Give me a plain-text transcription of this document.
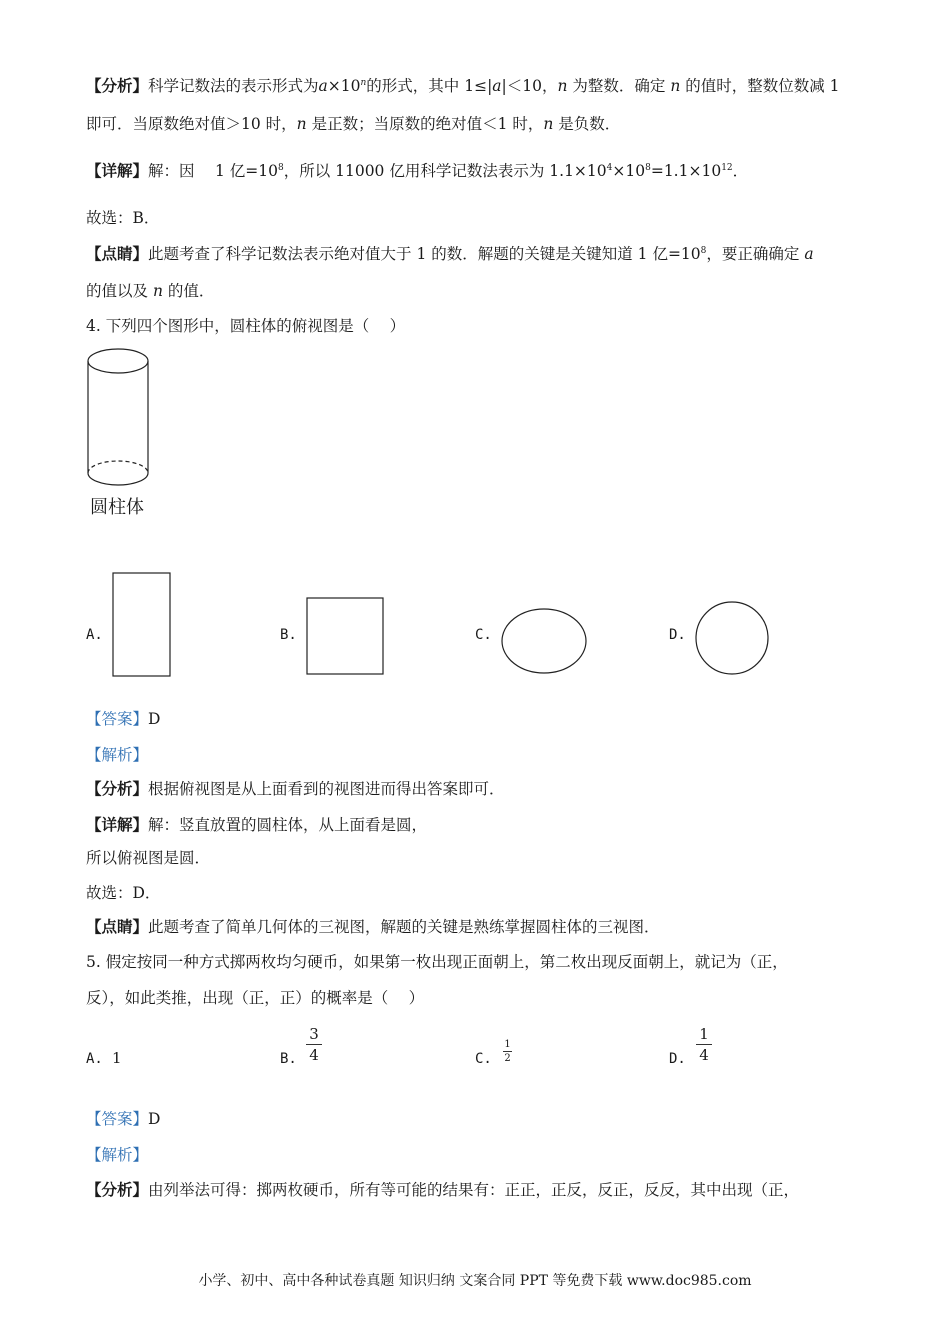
【分析】科学记数法的表示形式为$a\times 10^n$的形式，其中 1≤|a|＜10，n 为整数．确定 n 的值时，整数位数减 1
即可．当原数绝对值＞10 时，n 是正数；当原数的绝对值＜1 时，n 是负数．
【详解】解：因　 1 亿$=10^8$，所以 11000 亿用科学记数法表示为 $1.1\times 10^4\times 10^8=1.1\times 10^{12}$．
故选：B．
【点睛】此题考查了科学记数法表示绝对值大于 1 的数．解题的关键是关键知道 1 亿$=10^8$，要正确确定 a
的值以及 n 的值．
4. 下列四个图形中，圆柱体的俯视图是（　 ）
圆柱体
A.	B.	C.	D.
【答案】D
【解析】
【分析】根据俯视图是从上面看到的视图进而得出答案即可．
【详解】解：竖直放置的圆柱体，从上面看是圆，
所以俯视图是圆．
故选：D．
【点睛】此题考查了简单几何体的三视图，解题的关键是熟练掌握圆柱体的三视图．
5. 假定按同一种方式掷两枚均匀硬币，如果第一枚出现正面朝上，第二枚出现反面朝上，就记为（正，
反），如此类推，出现（正，正）的概率是（　 ）
A. 1	B.
3
4	C.
1
2	D.
1
4
【答案】D
【解析】
【分析】由列举法可得：掷两枚硬币，所有等可能的结果有：正正，正反，反正，反反，其中出现（正，
小学、初中、高中各种试卷真题 知识归纳 文案合同 PPT 等免费下载 www.doc985.com
